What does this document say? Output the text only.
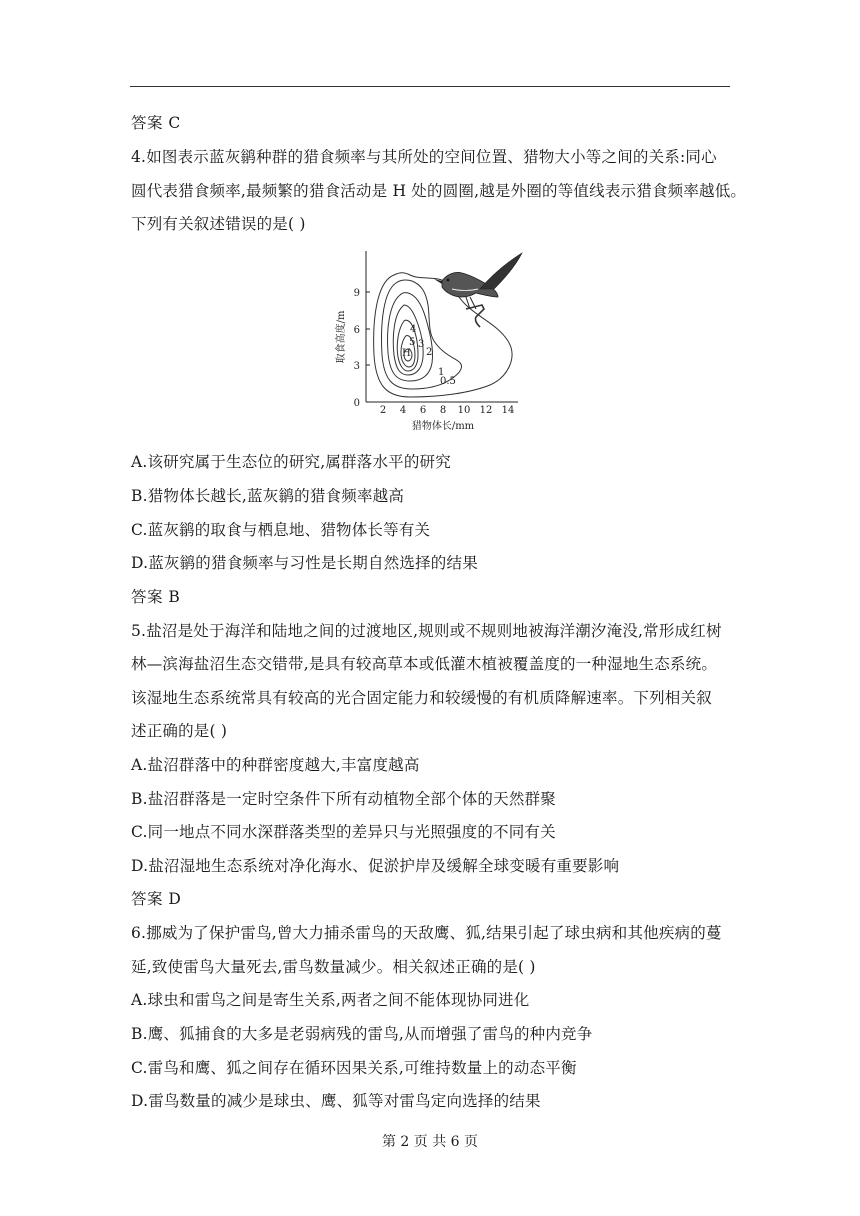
答案 C
4.如图表示蓝灰鹟种群的猎食频率与其所处的空间位置、猎物大小等之间的关系:同心
圆代表猎食频率,最频繁的猎食活动是 H 处的圆圈,越是外圈的等值线表示猎食频率越低。
下列有关叙述错误的是( )
0
3
6
9
2 4 6 8 10 12 14
猎物体长/mm
取食高度/m	4
5 3
H 2
1
0.5
A.该研究属于生态位的研究,属群落水平的研究
B.猎物体长越长,蓝灰鹟的猎食频率越高
C.蓝灰鹟的取食与栖息地、猎物体长等有关
D.蓝灰鹟的猎食频率与习性是长期自然选择的结果
答案 B
5.盐沼是处于海洋和陆地之间的过渡地区,规则或不规则地被海洋潮汐淹没,常形成红树
林—滨海盐沼生态交错带,是具有较高草本或低灌木植被覆盖度的一种湿地生态系统。
该湿地生态系统常具有较高的光合固定能力和较缓慢的有机质降解速率。下列相关叙
述正确的是( )
A.盐沼群落中的种群密度越大,丰富度越高
B.盐沼群落是一定时空条件下所有动植物全部个体的天然群聚
C.同一地点不同水深群落类型的差异只与光照强度的不同有关
D.盐沼湿地生态系统对净化海水、促淤护岸及缓解全球变暖有重要影响
答案 D
6.挪威为了保护雷鸟,曾大力捕杀雷鸟的天敌鹰、狐,结果引起了球虫病和其他疾病的蔓
延,致使雷鸟大量死去,雷鸟数量减少。相关叙述正确的是( )
A.球虫和雷鸟之间是寄生关系,两者之间不能体现协同进化
B.鹰、狐捕食的大多是老弱病残的雷鸟,从而增强了雷鸟的种内竞争
C.雷鸟和鹰、狐之间存在循环因果关系,可维持数量上的动态平衡
D.雷鸟数量的减少是球虫、鹰、狐等对雷鸟定向选择的结果
第 2 页 共 6 页
